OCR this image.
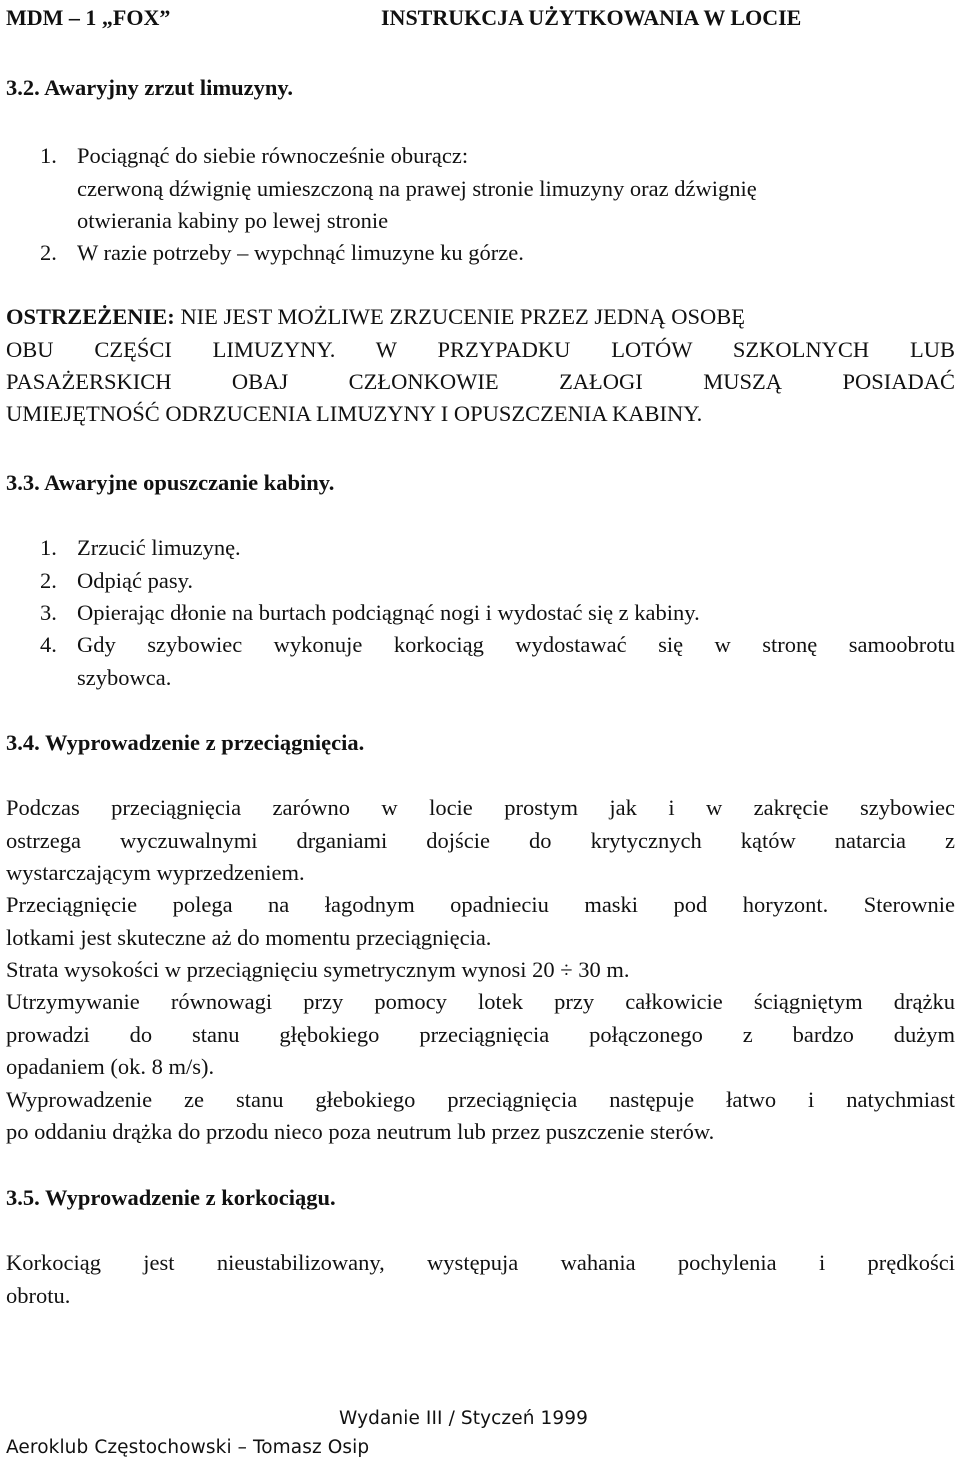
MDM – 1 „FOX”	INSTRUKCJA UŻYTKOWANIA W LOCIE
3.2. Awaryjny zrzut limuzyny.
1. Pociągnąć do siebie równocześnie oburącz:
czerwoną dźwignię umieszczoną na prawej stronie limuzyny oraz dźwignię
otwierania kabiny po lewej stronie
2. W razie potrzeby – wypchnąć limuzyne ku górze.
OSTRZEŻENIE: NIE JEST MOŻLIWE ZRZUCENIE PRZEZ JEDNĄ OSOBĘ
OBU CZĘŚCI LIMUZYNY. W PRZYPADKU LOTÓW SZKOLNYCH LUB
PASAŻERSKICH OBAJ CZŁONKOWIE ZAŁOGI MUSZĄ POSIADAĆ
UMIEJĘTNOŚĆ ODRZUCENIA LIMUZYNY I OPUSZCZENIA KABINY.
3.3. Awaryjne opuszczanie kabiny.
1. Zrzucić limuzynę.
2. Odpiąć pasy.
3. Opierając dłonie na burtach podciągnąć nogi i wydostać się z kabiny.
4. Gdy szybowiec wykonuje korkociąg wydostawać się w stronę samoobrotu
szybowca.
3.4. Wyprowadzenie z przeciągnięcia.
Podczas przeciągnięcia zarówno w locie prostym jak i w zakręcie szybowiec
ostrzega wyczuwalnymi drganiami dojście do krytycznych kątów natarcia z
wystarczającym wyprzedzeniem.
Przeciągnięcie polega na łagodnym opadnieciu maski pod horyzont. Sterownie
lotkami jest skuteczne aż do momentu przeciągnięcia.
Strata wysokości w przeciągnięciu symetrycznym wynosi 20 ÷ 30 m.
Utrzymywanie równowagi przy pomocy lotek przy całkowicie ściągniętym drążku
prowadzi do stanu głębokiego przeciągnięcia połączonego z bardzo dużym
opadaniem (ok. 8 m/s).
Wyprowadzenie ze stanu głebokiego przeciągnięcia następuje łatwo i natychmiast
po oddaniu drążka do przodu nieco poza neutrum lub przez puszczenie sterów.
3.5. Wyprowadzenie z korkociągu.
Korkociąg jest nieustabilizowany, występuja wahania pochylenia i prędkości
obrotu.
Wydanie III / Styczeń 1999
Aeroklub Częstochowski – Tomasz Osip
